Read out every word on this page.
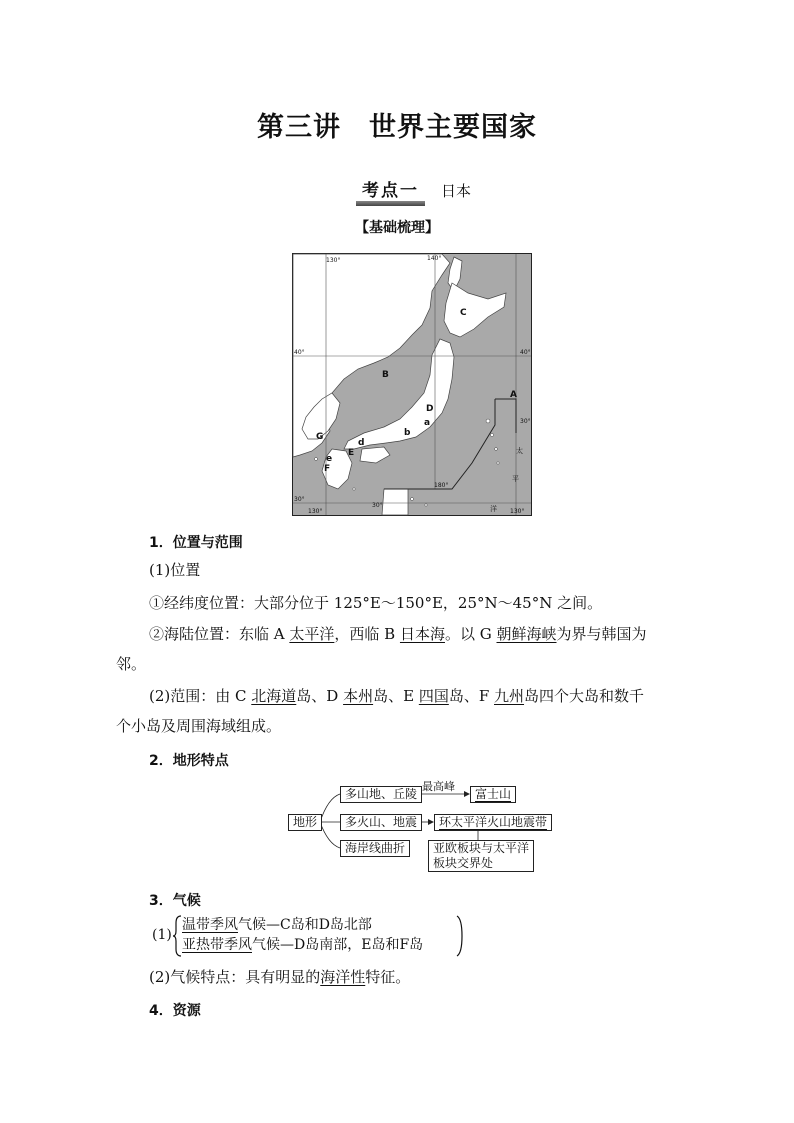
第三讲 世界主要国家
考点一 日本
【基础梳理】
130°	140°
40°	40°
30°
30°
30°
130°	130°
180°
A
B
C
D
E
F
G
a
b
d
e
太
平
洋
1．位置与范围
(1)位置
①经纬度位置：大部分位于 125°E～150°E，25°N～45°N 之间。
②海陆位置：东临 A 太平洋，西临 B 日本海。以 G 朝鲜海峡为界与韩国为
邻。
(2)范围：由 C 北海道岛、D 本州岛、E 四国岛、F 九州岛四个大岛和数千
个小岛及周围海域组成。
2．地形特点
地形
多山地、丘陵
最高峰
富士山
多火山、地震	环太平洋火山地震带
海岸线曲折	亚欧板块与太平洋
板块交界处
3．气候
(1)
温带季风气候—C岛和D岛北部
亚热带季风气候—D岛南部，E岛和F岛
(2)气候特点：具有明显的海洋性特征。
4．资源
